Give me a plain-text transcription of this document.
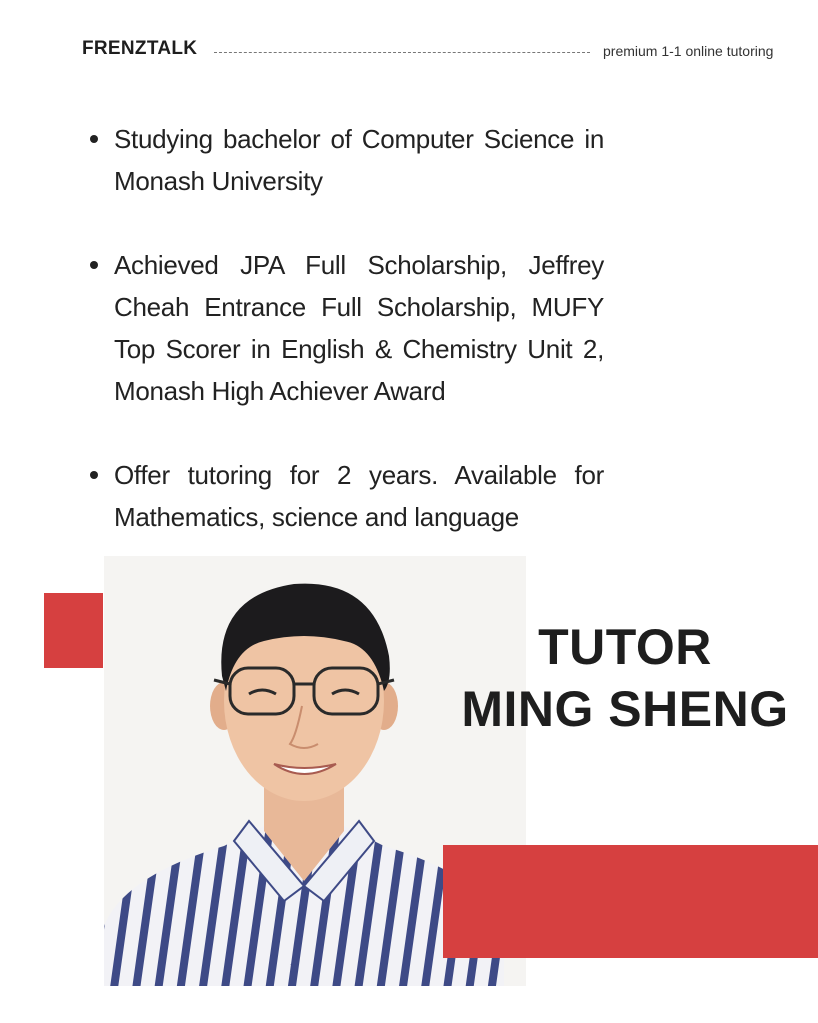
FRENZTALK	premium 1-1 online tutoring
Studying bachelor of Computer Science in Monash University
Achieved JPA Full Scholarship, Jeffrey Cheah Entrance Full Scholarship, MUFY Top Scorer in English & Chemistry Unit 2, Monash High Achiever Award
Offer tutoring for 2 years. Available for Mathematics, science and language
TUTOR
MING SHENG
